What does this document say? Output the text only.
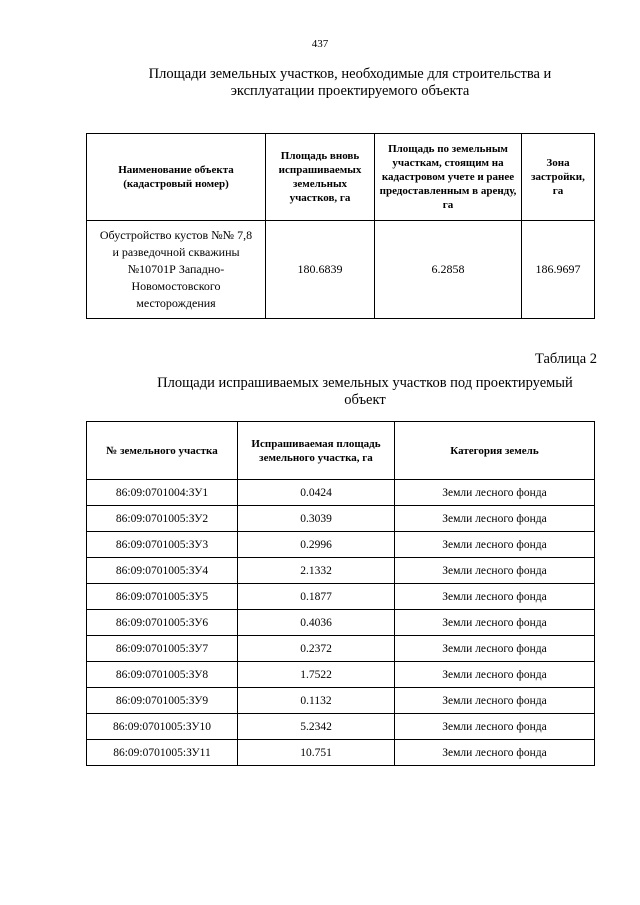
437
Площади земельных участков, необходимые для строительства и
эксплуатации проектируемого объекта
Наименование объекта (кадастровый номер)	Площадь вновь испрашиваемых земельных участков, га	Площадь по земельным участкам, стоящим на кадастровом учете и ранее предоставленным в аренду, га	Зона застройки, га

Обустройство кустов №№ 7,8
и разведочной скважины
№10701Р Западно-
Новомостовского
месторождения	180.6839	6.2858	186.9697
Таблица 2
Площади испрашиваемых земельных участков под проектируемый
объект
№ земельного участка	Испрашиваемая площадь земельного участка, га	Категория земель
86:09:0701004:ЗУ1	0.0424	Земли лесного фонда
86:09:0701005:ЗУ2	0.3039	Земли лесного фонда
86:09:0701005:ЗУ3	0.2996	Земли лесного фонда
86:09:0701005:ЗУ4	2.1332	Земли лесного фонда
86:09:0701005:ЗУ5	0.1877	Земли лесного фонда
86:09:0701005:ЗУ6	0.4036	Земли лесного фонда
86:09:0701005:ЗУ7	0.2372	Земли лесного фонда
86:09:0701005:ЗУ8	1.7522	Земли лесного фонда
86:09:0701005:ЗУ9	0.1132	Земли лесного фонда
86:09:0701005:ЗУ10	5.2342	Земли лесного фонда
86:09:0701005:ЗУ11	10.751	Земли лесного фонда
